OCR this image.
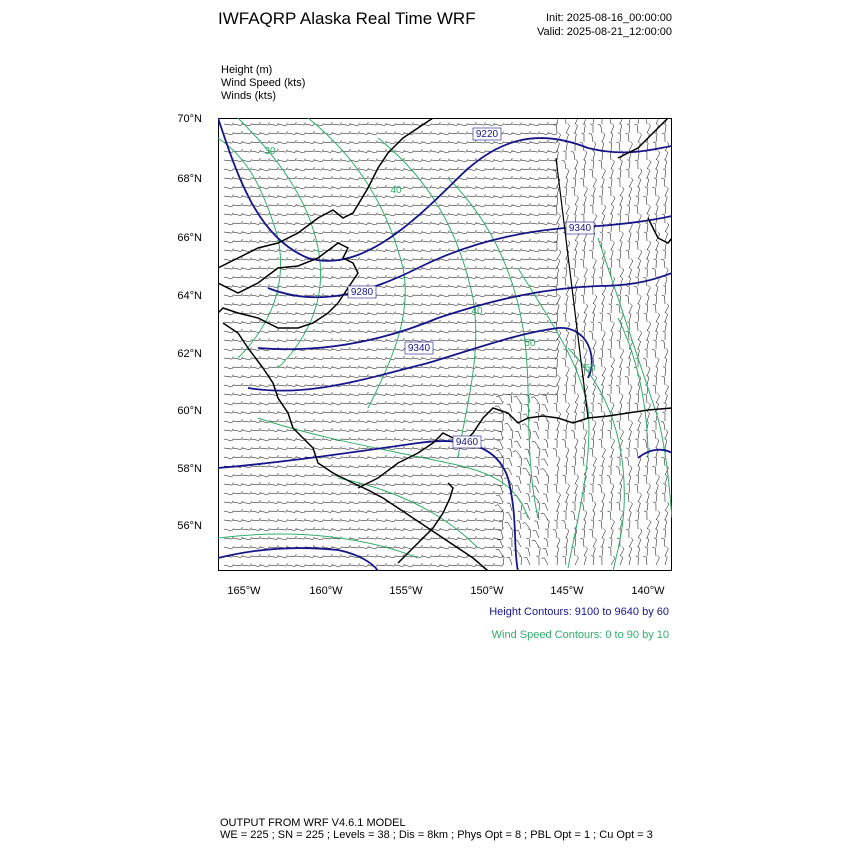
IWFAQRP Alaska Real Time WRF	Init: 2025-08-16_00:00:00
Valid: 2025-08-21_12:00:00
Height (m)
Wind Speed (kts)
Winds (kts)
70°N
68°N
66°N
64°N
62°N
60°N
58°N
56°N
165°W	160°W	155°W	150°W	145°W	140°W
9220
9340
9280
9340
9460
30
40
40
50
50
Height Contours: 9100 to 9640 by 60
Wind Speed Contours: 0 to 90 by 10
OUTPUT FROM WRF V4.6.1 MODEL
WE = 225 ; SN = 225 ; Levels = 38 ; Dis = 8km ; Phys Opt = 8 ; PBL Opt = 1 ; Cu Opt = 3
